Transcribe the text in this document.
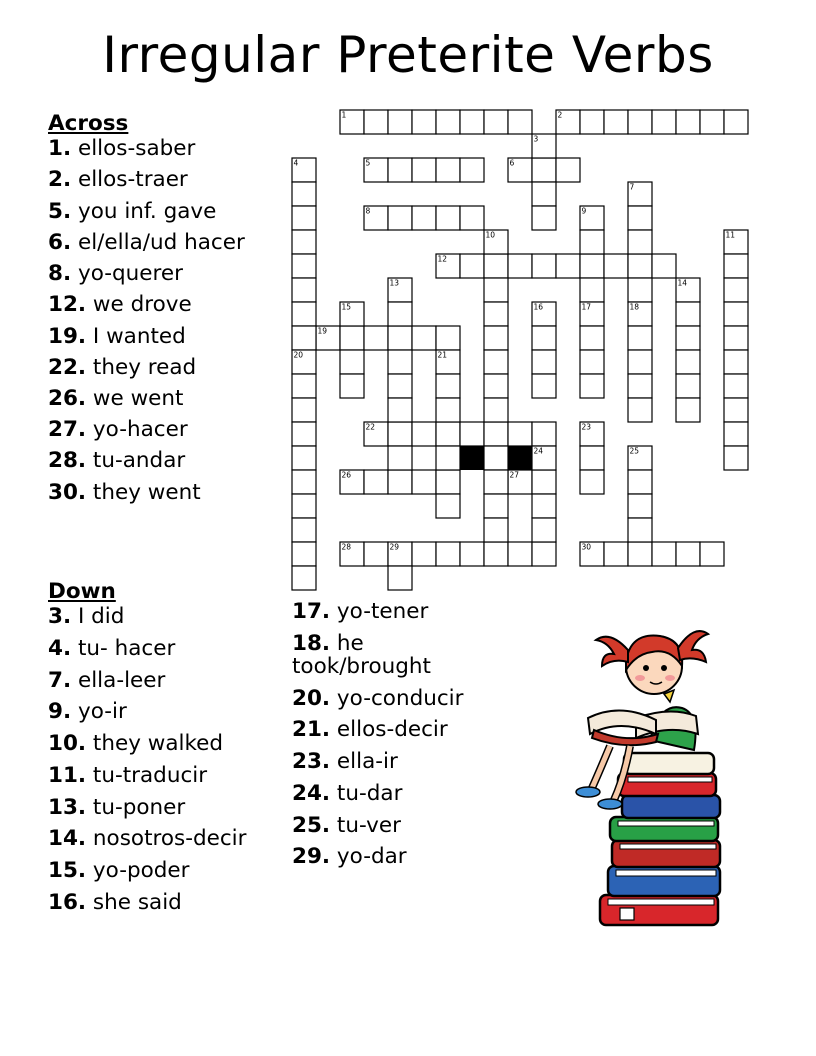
Irregular Preterite Verbs
Across
1. ellos-saber
2. ellos-traer
5. you inf. gave
6. el/ella/ud hacer
8. yo-querer
12. we drove
19. I wanted
22. they read
26. we went
27. yo-hacer
28. tu-andar
30. they went
Down
3. I did
4. tu- hacer
7. ella-leer
9. yo-ir
10. they walked
11. tu-traducir
13. tu-poner
14. nosotros-decir
15. yo-poder
16. she said
17. yo-tener
18. he took/brought
20. yo-conducir
21. ellos-decir
23. ella-ir
24. tu-dar
25. tu-ver
29. yo-dar
1	2
3
4	5	6
7
8	9
10	11
12
13	14
15	16	17	18
19
20	21
22	23
24	25
26	27
28	29	30
